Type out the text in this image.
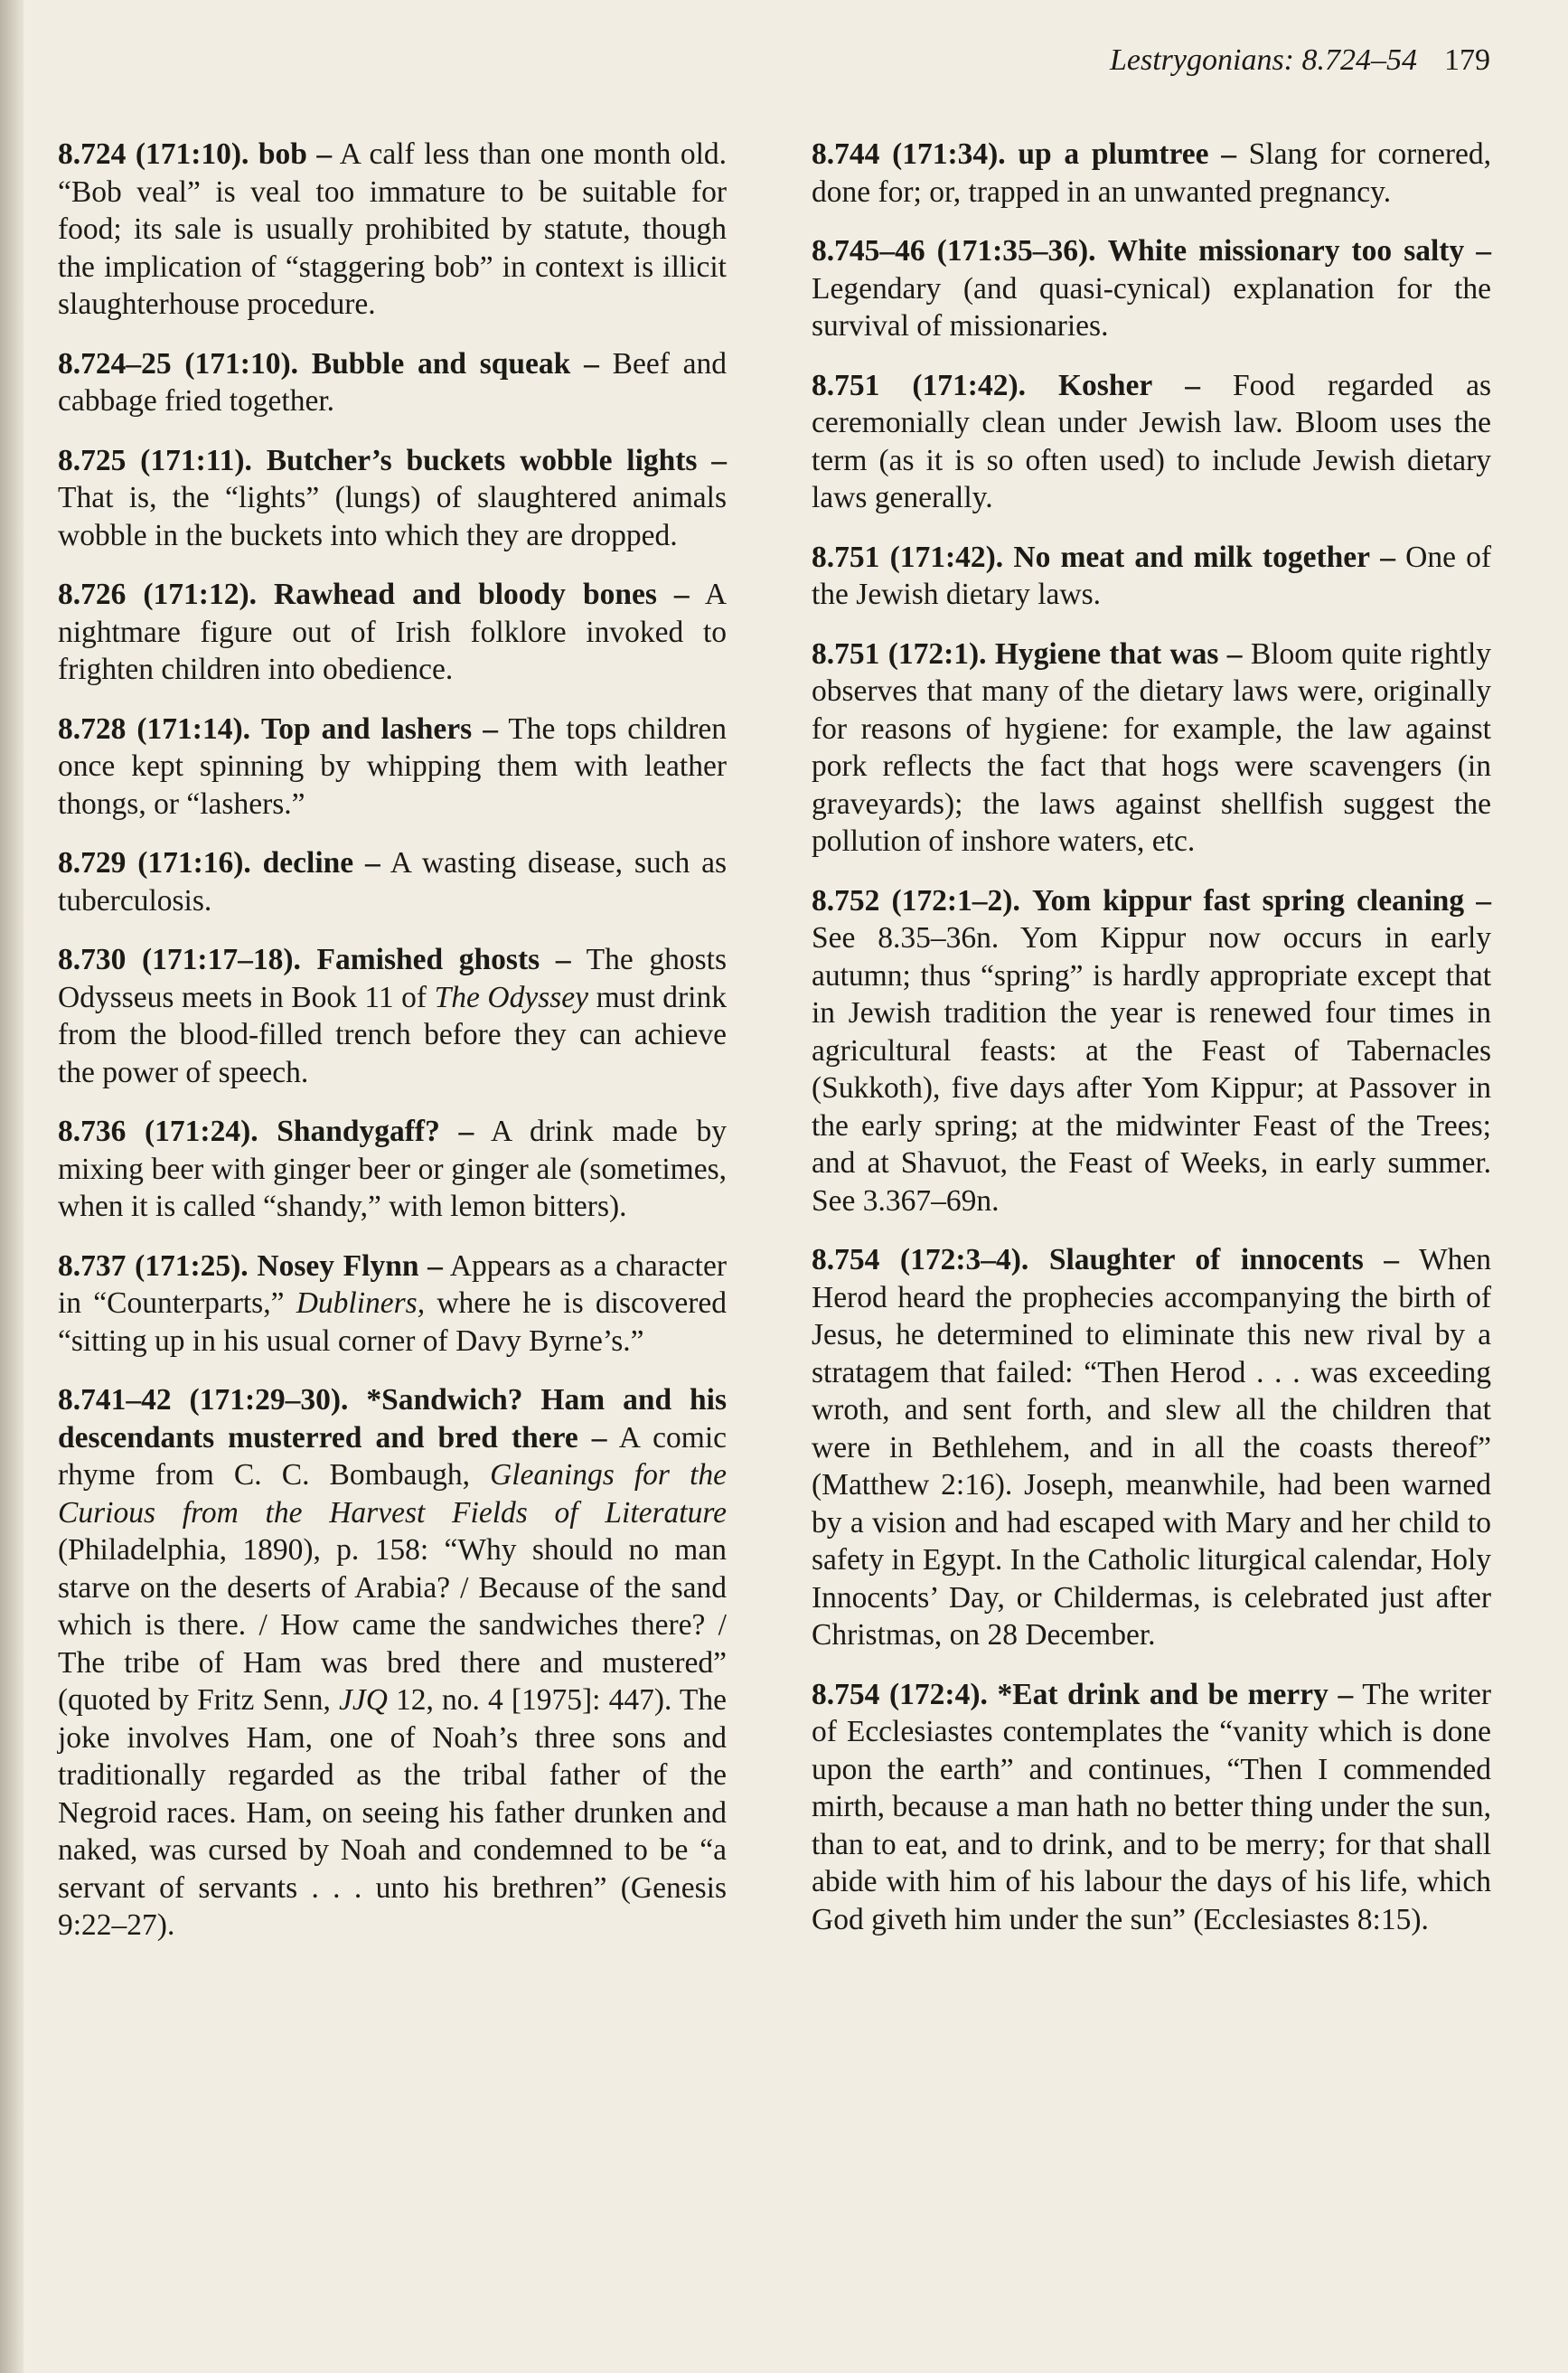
Lestrygonians: 8.724–54 179

8.724 (171:10). bob – A calf less than one month old. “Bob veal” is veal too immature to be suitable for food; its sale is usually prohibited by statute, though the implication of “staggering bob” in context is illicit slaughterhouse procedure.

8.724–25 (171:10). Bubble and squeak – Beef and cabbage fried together.

8.725 (171:11). Butcher’s buckets wobble lights – That is, the “lights” (lungs) of slaughtered animals wobble in the buckets into which they are dropped.

8.726 (171:12). Rawhead and bloody bones – A nightmare figure out of Irish folklore invoked to frighten children into obedience.

8.728 (171:14). Top and lashers – The tops children once kept spinning by whipping them with leather thongs, or “lashers.”

8.729 (171:16). decline – A wasting disease, such as tuberculosis.

8.730 (171:17–18). Famished ghosts – The ghosts Odysseus meets in Book 11 of The Odyssey must drink from the blood-filled trench before they can achieve the power of speech.

8.736 (171:24). Shandygaff? – A drink made by mixing beer with ginger beer or ginger ale (sometimes, when it is called “shandy,” with lemon bitters).

8.737 (171:25). Nosey Flynn – Appears as a character in “Counterparts,” Dubliners, where he is discovered “sitting up in his usual corner of Davy Byrne’s.”

8.741–42 (171:29–30). *Sandwich? Ham and his descendants musterred and bred there – A comic rhyme from C. C. Bombaugh, Gleanings for the Curious from the Harvest Fields of Literature (Philadelphia, 1890), p. 158: “Why should no man starve on the deserts of Arabia? / Because of the sand which is there. / How came the sandwiches there? / The tribe of Ham was bred there and mustered” (quoted by Fritz Senn, JJQ 12, no. 4 [1975]: 447). The joke involves Ham, one of Noah’s three sons and traditionally regarded as the tribal father of the Negroid races. Ham, on seeing his father drunken and naked, was cursed by Noah and condemned to be “a servant of servants . . . unto his brethren” (Genesis 9:22–27).

8.744 (171:34). up a plumtree – Slang for cornered, done for; or, trapped in an unwanted pregnancy.

8.745–46 (171:35–36). White missionary too salty – Legendary (and quasi-cynical) explanation for the survival of missionaries.

8.751 (171:42). Kosher – Food regarded as ceremonially clean under Jewish law. Bloom uses the term (as it is so often used) to include Jewish dietary laws generally.

8.751 (171:42). No meat and milk together – One of the Jewish dietary laws.

8.751 (172:1). Hygiene that was – Bloom quite rightly observes that many of the dietary laws were, originally for reasons of hygiene: for example, the law against pork reflects the fact that hogs were scavengers (in graveyards); the laws against shellfish suggest the pollution of inshore waters, etc.

8.752 (172:1–2). Yom kippur fast spring cleaning – See 8.35–36n. Yom Kippur now occurs in early autumn; thus “spring” is hardly appropriate except that in Jewish tradition the year is renewed four times in agricultural feasts: at the Feast of Tabernacles (Sukkoth), five days after Yom Kippur; at Passover in the early spring; at the midwinter Feast of the Trees; and at Shavuot, the Feast of Weeks, in early summer. See 3.367–69n.

8.754 (172:3–4). Slaughter of innocents – When Herod heard the prophecies accompanying the birth of Jesus, he determined to eliminate this new rival by a stratagem that failed: “Then Herod . . . was exceeding wroth, and sent forth, and slew all the children that were in Bethlehem, and in all the coasts thereof” (Matthew 2:16). Joseph, meanwhile, had been warned by a vision and had escaped with Mary and her child to safety in Egypt. In the Catholic liturgical calendar, Holy Innocents’ Day, or Childermas, is celebrated just after Christmas, on 28 December.

8.754 (172:4). *Eat drink and be merry – The writer of Ecclesiastes contemplates the “vanity which is done upon the earth” and continues, “Then I commended mirth, because a man hath no better thing under the sun, than to eat, and to drink, and to be merry; for that shall abide with him of his labour the days of his life, which God giveth him under the sun” (Ecclesiastes 8:15).
